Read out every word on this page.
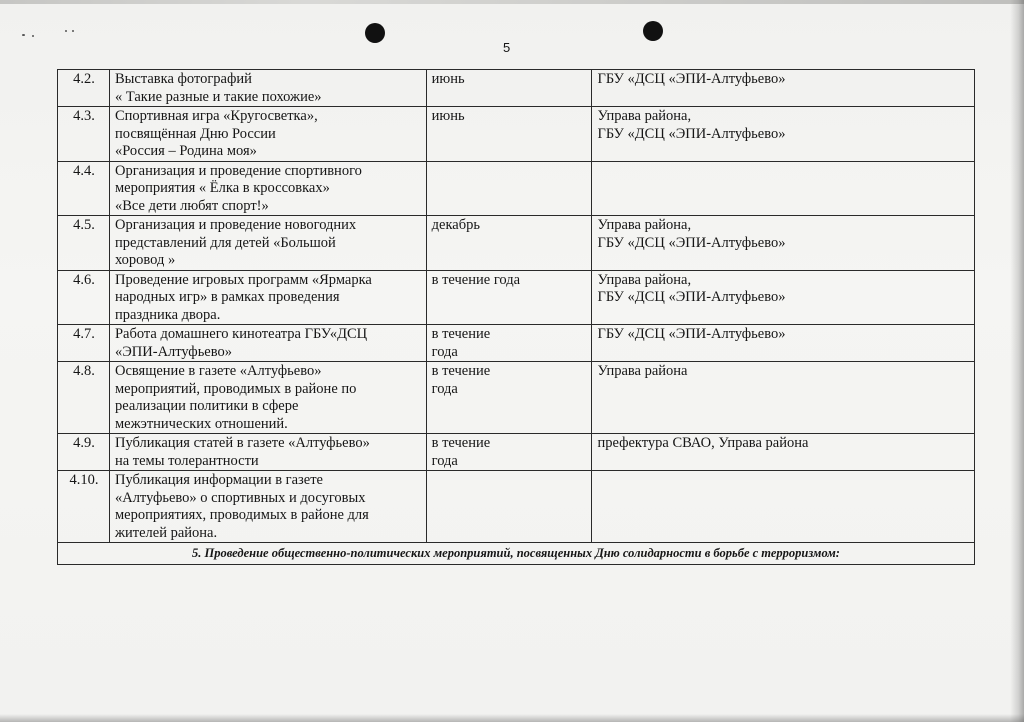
5
4.2.	Выставка фотографий
« Такие разные и такие похожие»	июнь	ГБУ «ДСЦ «ЭПИ-Алтуфьево»
4.3.	Спортивная игра «Кругосветка»,
посвящённая Дню России
«Россия – Родина моя»	июнь	Управа района,
ГБУ «ДСЦ «ЭПИ-Алтуфьево»
4.4.	Организация и проведение спортивного
мероприятия « Ёлка в кроссовках»
«Все дети любят спорт!»		
4.5.	Организация и проведение новогодних
представлений для детей «Большой
хоровод »	декабрь	Управа района,
ГБУ «ДСЦ «ЭПИ-Алтуфьево»
4.6.	Проведение игровых программ «Ярмарка
народных игр» в рамках проведения
праздника двора.	в течение года	Управа района,
ГБУ «ДСЦ «ЭПИ-Алтуфьево»
4.7.	Работа домашнего кинотеатра ГБУ«ДСЦ
«ЭПИ-Алтуфьево»	в течение
года	ГБУ «ДСЦ «ЭПИ-Алтуфьево»
4.8.	Освящение в газете «Алтуфьево»
мероприятий, проводимых в районе по
реализации политики в сфере
межэтнических отношений.	в течение
года	Управа района
4.9.	Публикация статей в газете «Алтуфьево»
на темы толерантности	в течение
года	префектура СВАО, Управа района
4.10.	Публикация информации в газете
«Алтуфьево» о спортивных и досуговых
мероприятиях, проводимых в районе для
жителей района.		
5. Проведение общественно-политических мероприятий, посвященных Дню солидарности в борьбе с терроризмом:			
